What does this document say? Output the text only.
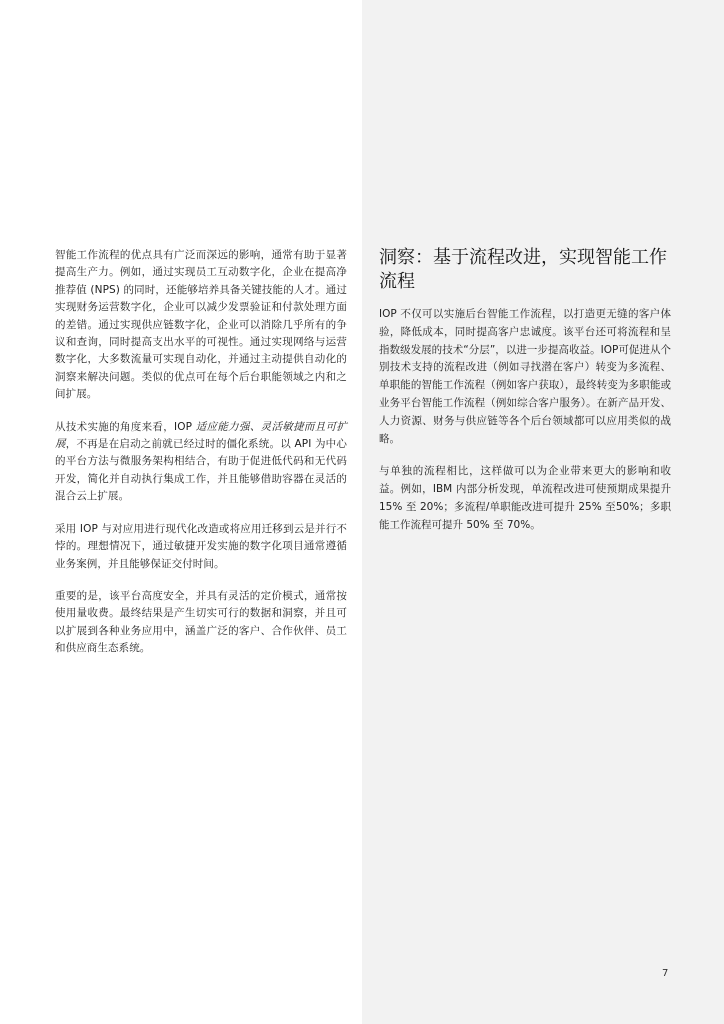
智能工作流程的优点具有广泛而深远的影响，通常有助于显著提高生产力。例如，通过实现员工互动数字化，企业在提高净推荐值 (NPS) 的同时，还能够培养具备关键技能的人才。通过实现财务运营数字化，企业可以减少发票验证和付款处理方面的差错。通过实现供应链数字化，企业可以消除几乎所有的争议和查询，同时提高支出水平的可视性。通过实现网络与运营数字化，大多数流量可实现自动化，并通过主动提供自动化的洞察来解决问题。类似的优点可在每个后台职能领域之内和之间扩展。

从技术实施的角度来看，IOP 适应能力强、灵活敏捷而且可扩展，不再是在启动之前就已经过时的僵化系统。以 API 为中心的平台方法与微服务架构相结合，有助于促进低代码和无代码开发，简化并自动执行集成工作，并且能够借助容器在灵活的混合云上扩展。

采用 IOP 与对应用进行现代化改造或将应用迁移到云是并行不悖的。理想情况下，通过敏捷开发实施的数字化项目通常遵循业务案例，并且能够保证交付时间。

重要的是，该平台高度安全，并具有灵活的定价模式，通常按使用量收费。最终结果是产生切实可行的数据和洞察，并且可以扩展到各种业务应用中，涵盖广泛的客户、合作伙伴、员工和供应商生态系统。

洞察：基于流程改进，实现智能工作流程

IOP 不仅可以实施后台智能工作流程，以打造更无缝的客户体验，降低成本，同时提高客户忠诚度。该平台还可将流程和呈指数级发展的技术“分层”，以进一步提高收益。IOP可促进从个别技术支持的流程改进（例如寻找潜在客户）转变为多流程、单职能的智能工作流程（例如客户获取），最终转变为多职能或业务平台智能工作流程（例如综合客户服务）。在新产品开发、人力资源、财务与供应链等各个后台领域都可以应用类似的战略。

与单独的流程相比，这样做可以为企业带来更大的影响和收益。例如，IBM 内部分析发现，单流程改进可使预期成果提升 15% 至 20%；多流程/单职能改进可提升 25% 至50%；多职能工作流程可提升 50% 至 70%。

7
